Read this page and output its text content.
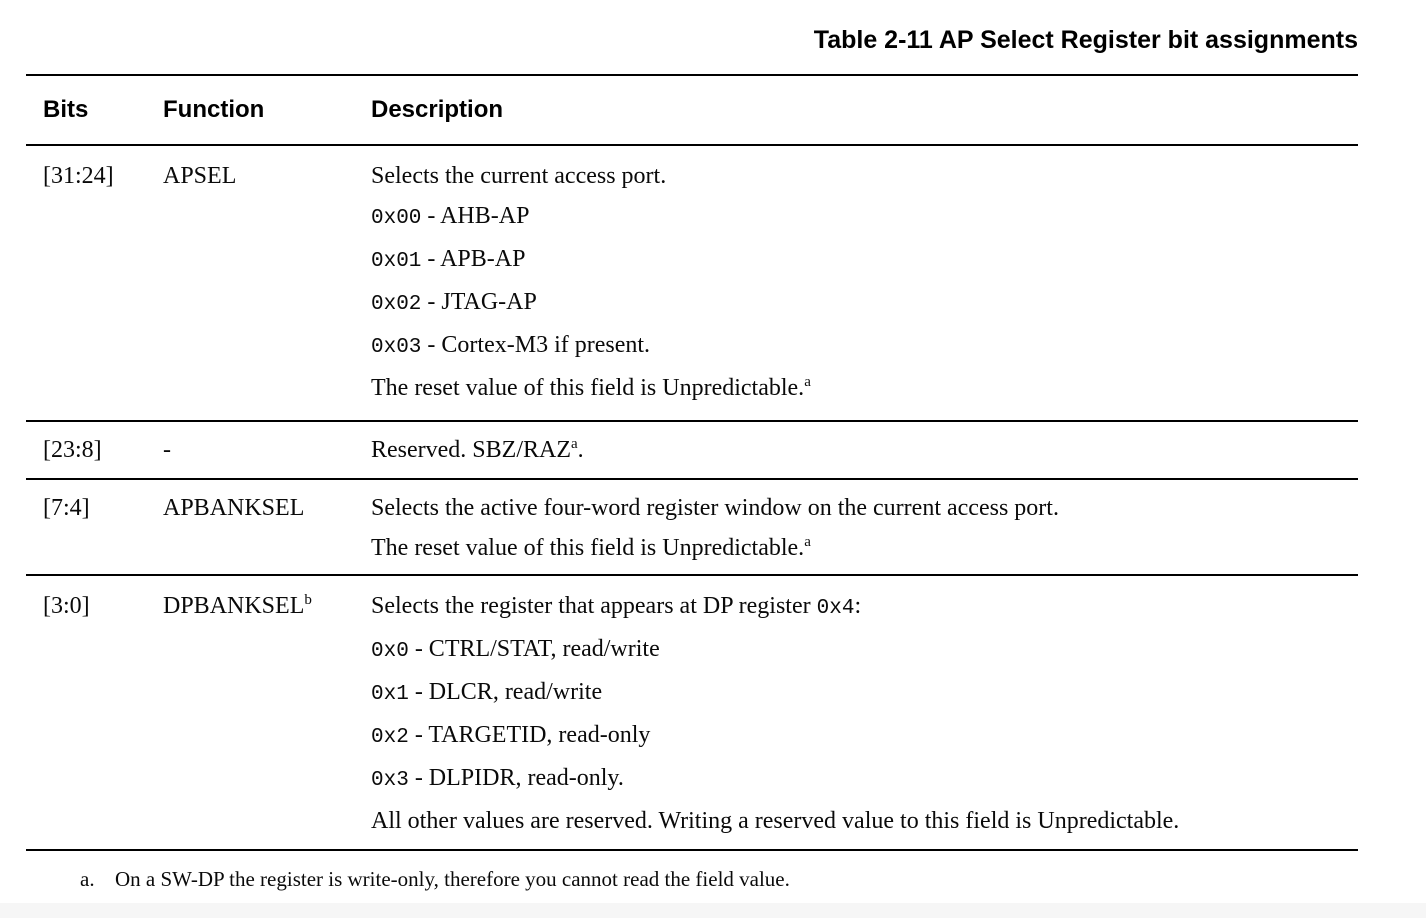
Table 2-11 AP Select Register bit assignments
Bits	Function	Description
[31:24]	APSEL	Selects the current access port.
0x00 - AHB-AP
0x01 - APB-AP
0x02 - JTAG-AP
0x03 - Cortex-M3 if present.
The reset value of this field is Unpredictable.$^a$
[23:8]	-	Reserved. SBZ/RAZ$^a$.
[7:4]	APBANKSEL	Selects the active four-word register window on the current access port.
The reset value of this field is Unpredictable.$^a$
[3:0]	DPBANKSEL$^b$	Selects the register that appears at DP register 0x4:
0x0 - CTRL/STAT, read/write
0x1 - DLCR, read/write
0x2 - TARGETID, read-only
0x3 - DLPIDR, read-only.
All other values are reserved. Writing a reserved value to this field is Unpredictable.
a. On a SW-DP the register is write-only, therefore you cannot read the field value.
